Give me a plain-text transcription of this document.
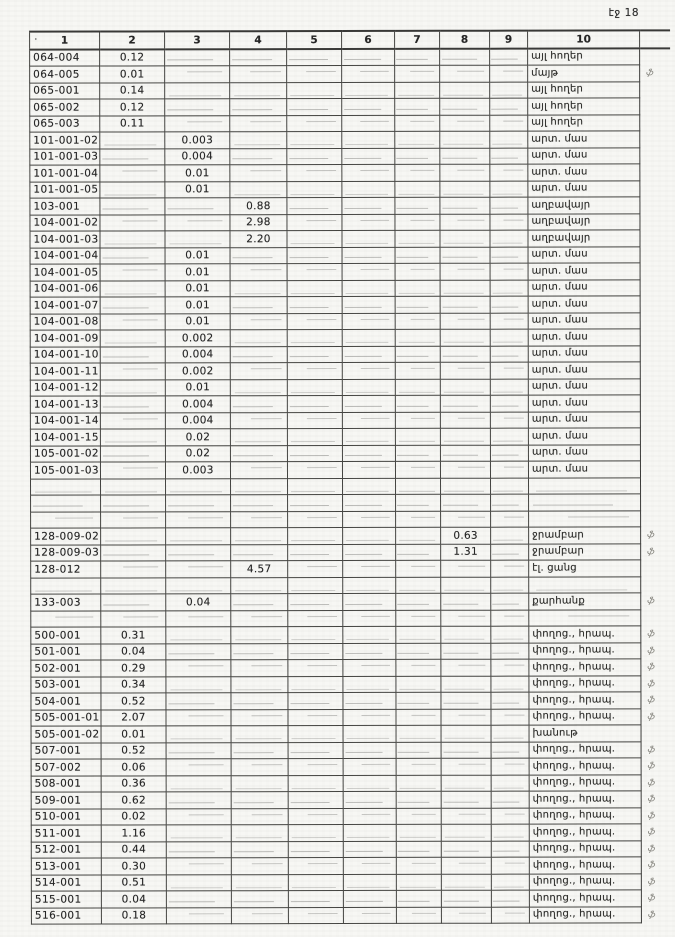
էջ 18
· 1	2	3	4	5	6	7	8	9	10	
064-004	0.12								այլ հողեր	
064-005	0.01								մայթ	ֆ
065-001	0.14								այլ հողեր	
065-002	0.12								այլ հողեր	
065-003	0.11								այլ հողեր	
101-001-02		0.003							արտ. մաս	
101-001-03		0.004							արտ. մաս	
101-001-04		0.01							արտ. մաս	
101-001-05		0.01							արտ. մաս	
103-001			0.88						աղբավայր	
104-001-02			2.98						աղբավայր	
104-001-03			2.20						աղբավայր	
104-001-04		0.01							արտ. մաս	
104-001-05		0.01							արտ. մաս	
104-001-06		0.01							արտ. մաս	
104-001-07		0.01							արտ. մաս	
104-001-08		0.01							արտ. մաս	
104-001-09		0.002							արտ. մաս	
104-001-10		0.004							արտ. մաս	
104-001-11		0.002							արտ. մաս	
104-001-12		0.01							արտ. մաս	
104-001-13		0.004							արտ. մաս	
104-001-14		0.004							արտ. մաս	
104-001-15		0.02							արտ. մաս	
105-001-02		0.02							արտ. մաս	
105-001-03		0.003							արտ. մաս	

128-009-02							0.63		ջրամբար	ֆ
128-009-03							1.31		ջրամբար	ֆ
128-012			4.57						էլ. ցանց	

133-003		0.04							քարհանք	ֆ

500-001	0.31								փողոց., հրապ.	ֆ
501-001	0.04								փողոց., հրապ.	ֆ
502-001	0.29								փողոց., հրապ.	ֆ
503-001	0.34								փողոց., հրապ.	ֆ
504-001	0.52								փողոց., հրապ.	ֆ
505-001-01	2.07								փողոց., հրապ.	ֆ
505-001-02	0.01								խանութ	
507-001	0.52								փողոց., հրապ.	ֆ
507-002	0.06								փողոց., հրապ.	ֆ
508-001	0.36								փողոց., հրապ.	ֆ
509-001	0.62								փողոց., հրապ.	ֆ
510-001	0.02								փողոց., հրապ.	ֆ
511-001	1.16								փողոց., հրապ.	ֆ
512-001	0.44								փողոց., հրապ.	ֆ
513-001	0.30								փողոց., հրապ.	ֆ
514-001	0.51								փողոց., հրապ.	ֆ
515-001	0.04								փողոց., հրապ.	ֆ
516-001	0.18								փողոց., հրապ.	ֆ
